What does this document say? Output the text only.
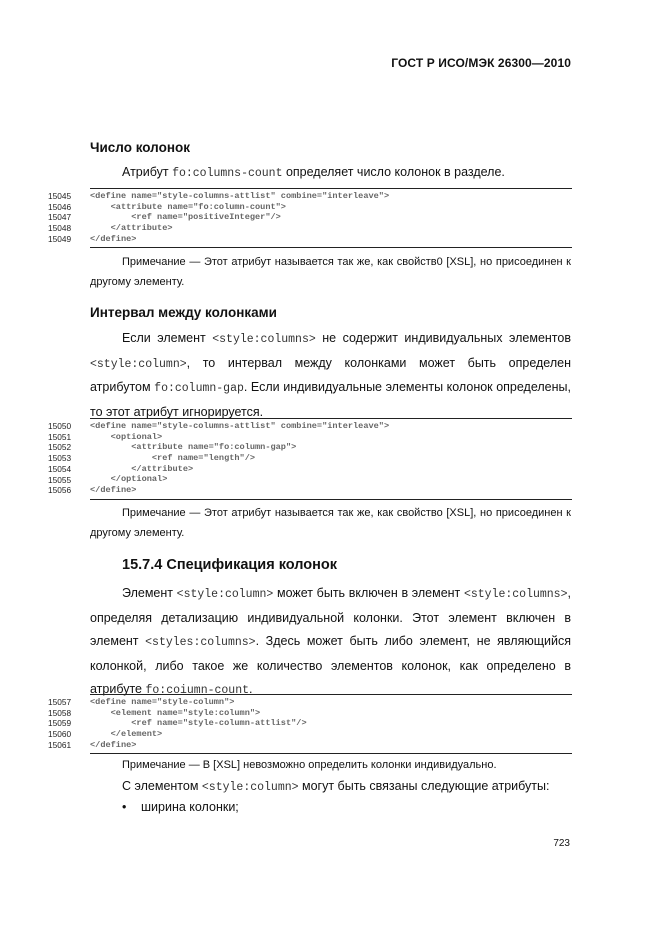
ГОСТ Р ИСО/МЭК 26300—2010
Число колонок
Атрибут fo:columns-count определяет число колонок в разделе.
15045
15046
15047
15048
15049
<define name="style-columns-attlist" combine="interleave">
<attribute name="fo:column-count">
<ref name="positiveInteger"/>
</attribute>
</define>
Примечание — Этот атрибут называется так же, как свойств0 [XSL], но присоединен к другому элементу.
Интервал между колонками
Если элемент <style:columns> не содержит индивидуальных элементов <style:column>, то интервал между колонками может быть определен атрибутом fo:column-gap. Если индивидуальные элементы колонок определены, то этот атрибут игнорируется.
15050
15051
15052
15053
15054
15055
15056
<define name="style-columns-attlist" combine="interleave">
<optional>
<attribute name="fo:column-gap">
<ref name="length"/>
</attribute>
</optional>
</define>
Примечание — Этот атрибут называется так же, как свойство [XSL], но присоединен к другому элементу.
15.7.4 Спецификация колонок
Элемент <style:column> может быть включен в элемент <style:columns>, определяя детализацию индивидуальной колонки. Этот элемент включен в элемент <styles:columns>. Здесь может быть либо элемент, не являющийся колонкой, либо такое же количество элементов колонок, как определено в атрибуте fo:coiumn-count.
15057
15058
15059
15060
15061
<define name="style-column">
<element name="style:column">
<ref name="style-column-attlist"/>
</element>
</define>
Примечание — В [XSL] невозможно определить колонки индивидуально.
С элементом <style:column> могут быть связаны следующие атрибуты:
• ширина колонки;
723
